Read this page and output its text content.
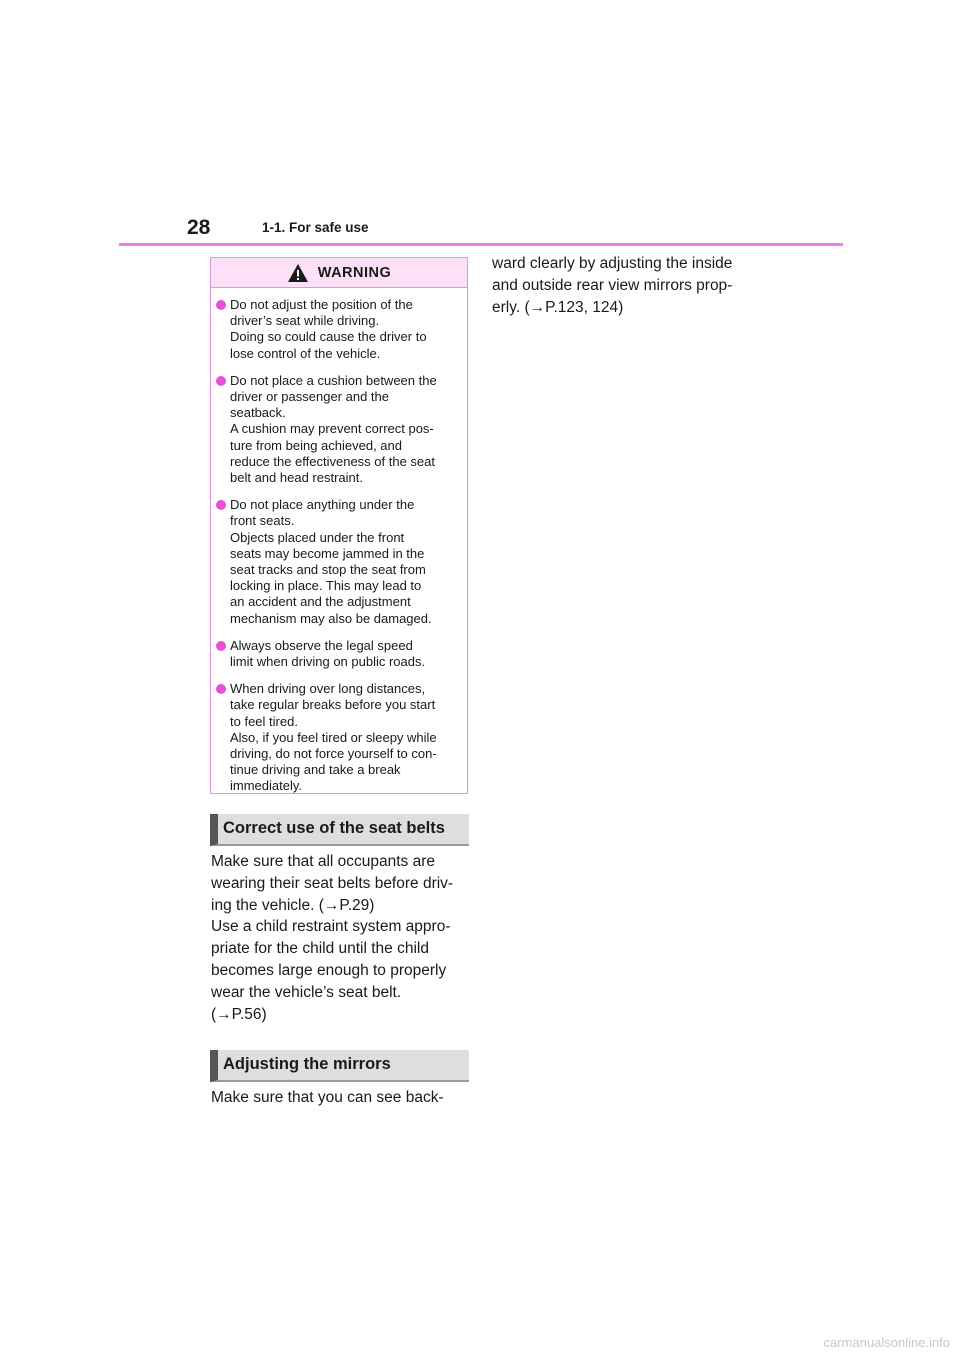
28	1-1. For safe use
WARNING
Do not adjust the position of the
driver’s seat while driving.
Doing so could cause the driver to
lose control of the vehicle.
Do not place a cushion between the
driver or passenger and the
seatback.
A cushion may prevent correct pos-
ture from being achieved, and
reduce the effectiveness of the seat
belt and head restraint.
Do not place anything under the
front seats.
Objects placed under the front
seats may become jammed in the
seat tracks and stop the seat from
locking in place. This may lead to
an accident and the adjustment
mechanism may also be damaged.
Always observe the legal speed
limit when driving on public roads.
When driving over long distances,
take regular breaks before you start
to feel tired.
Also, if you feel tired or sleepy while
driving, do not force yourself to con-
tinue driving and take a break
immediately.
Correct use of the seat belts
Make sure that all occupants are
wearing their seat belts before driv-
ing the vehicle. (→P.29)
Use a child restraint system appro-
priate for the child until the child
becomes large enough to properly
wear the vehicle’s seat belt.
(→P.56)
Adjusting the mirrors
Make sure that you can see back-
ward clearly by adjusting the inside
and outside rear view mirrors prop-
erly. (→P.123, 124)
carmanualsonline.info
